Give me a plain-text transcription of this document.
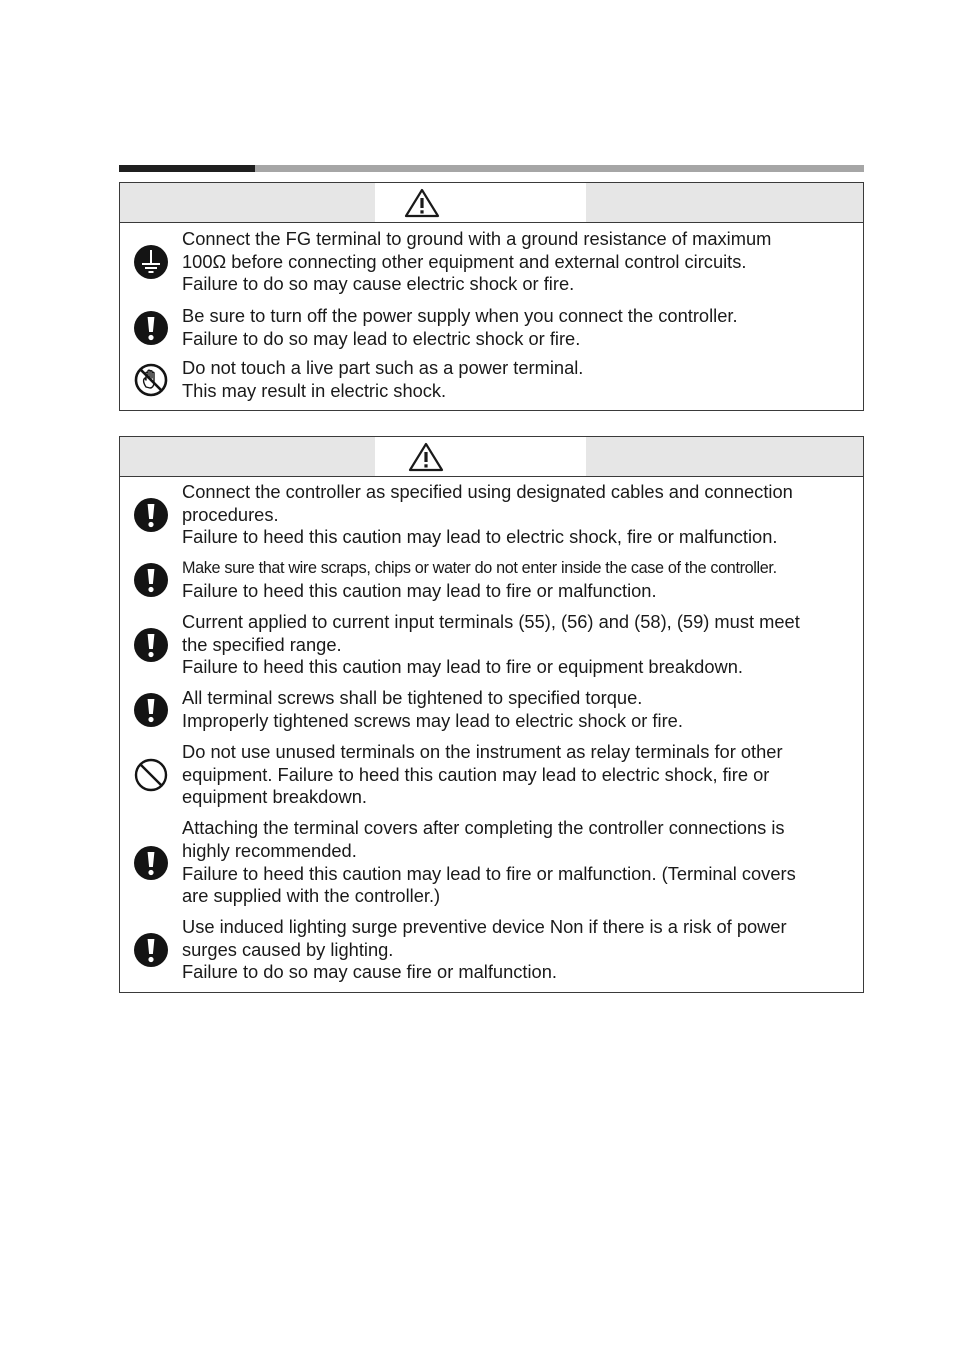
Connect the FG terminal to ground with a ground resistance of maximum
100Ω before connecting other equipment and external control circuits.
Failure to do so may cause electric shock or fire.
Be sure to turn off the power supply when you connect the controller.
Failure to do so may lead to electric shock or fire.
Do not touch a live part such as a power terminal.
This may result in electric shock.
Connect the controller as specified using designated cables and connection
procedures.
Failure to heed this caution may lead to electric shock, fire or malfunction.
Make sure that wire scraps, chips or water do not enter inside the case of the controller.
Failure to heed this caution may lead to fire or malfunction.
Current applied to current input terminals (55), (56) and (58), (59) must meet
the specified range.
Failure to heed this caution may lead to fire or equipment breakdown.
All terminal screws shall be tightened to specified torque.
Improperly tightened screws may lead to electric shock or fire.
Do not use unused terminals on the instrument as relay terminals for other
equipment. Failure to heed this caution may lead to electric shock, fire or
equipment breakdown.
Attaching the terminal covers after completing the controller connections is
highly recommended.
Failure to heed this caution may lead to fire or malfunction. (Terminal covers
are supplied with the controller.)
Use induced lighting surge preventive device Non if there is a risk of power
surges caused by lighting.
Failure to do so may cause fire or malfunction.
